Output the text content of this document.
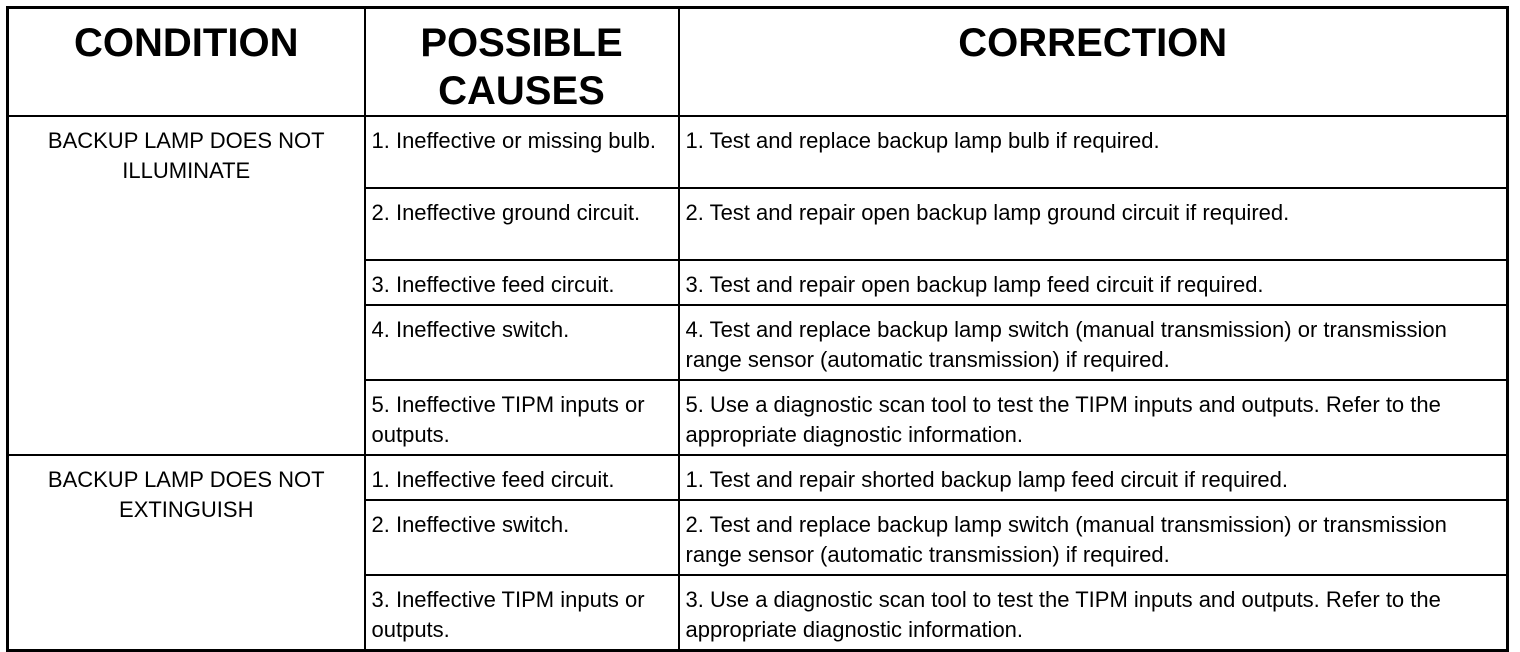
CONDITION	POSSIBLE CAUSES	CORRECTION
BACKUP LAMP DOES NOT ILLUMINATE	1. Ineffective or missing bulb.	1. Test and replace backup lamp bulb if required.
	2. Ineffective ground circuit.	2. Test and repair open backup lamp ground circuit if required.
	3. Ineffective feed circuit.	3. Test and repair open backup lamp feed circuit if required.
	4. Ineffective switch.	4. Test and replace backup lamp switch (manual transmission) or transmission range sensor (automatic transmission) if required.
	5. Ineffective TIPM inputs or outputs.	5. Use a diagnostic scan tool to test the TIPM inputs and outputs. Refer to the appropriate diagnostic information.
BACKUP LAMP DOES NOT EXTINGUISH	1. Ineffective feed circuit.	1. Test and repair shorted backup lamp feed circuit if required.
	2. Ineffective switch.	2. Test and replace backup lamp switch (manual transmission) or transmission range sensor (automatic transmission) if required.
	3. Ineffective TIPM inputs or outputs.	3. Use a diagnostic scan tool to test the TIPM inputs and outputs. Refer to the appropriate diagnostic information.
